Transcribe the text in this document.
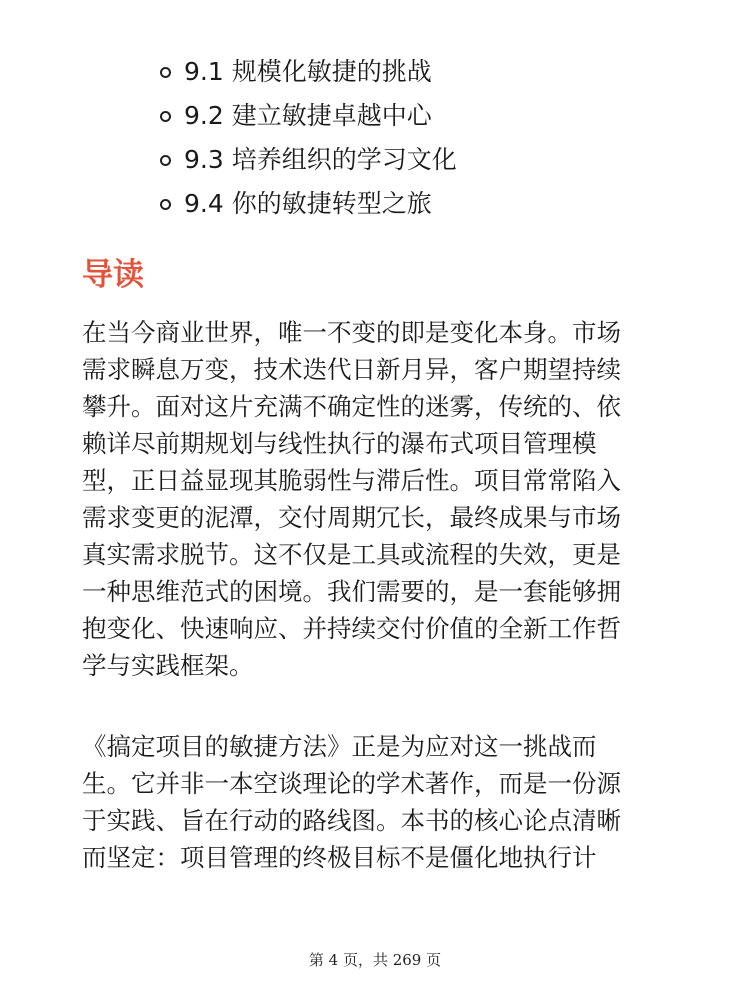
9.1 规模化敏捷的挑战
9.2 建立敏捷卓越中心
9.3 培养组织的学习文化
9.4 你的敏捷转型之旅
导读

在当今商业世界，唯一不变的即是变化本身。市场
需求瞬息万变，技术迭代日新月异，客户期望持续
攀升。面对这片充满不确定性的迷雾，传统的、依
赖详尽前期规划与线性执行的瀑布式项目管理模
型，正日益显现其脆弱性与滞后性。项目常常陷入
需求变更的泥潭，交付周期冗长，最终成果与市场
真实需求脱节。这不仅是工具或流程的失效，更是
一种思维范式的困境。我们需要的，是一套能够拥
抱变化、快速响应、并持续交付价值的全新工作哲
学与实践框架。

《搞定项目的敏捷方法》正是为应对这一挑战而
生。它并非一本空谈理论的学术著作，而是一份源
于实践、旨在行动的路线图。本书的核心论点清晰
而坚定：项目管理的终极目标不是僵化地执行计

第 4 页，共 269 页
